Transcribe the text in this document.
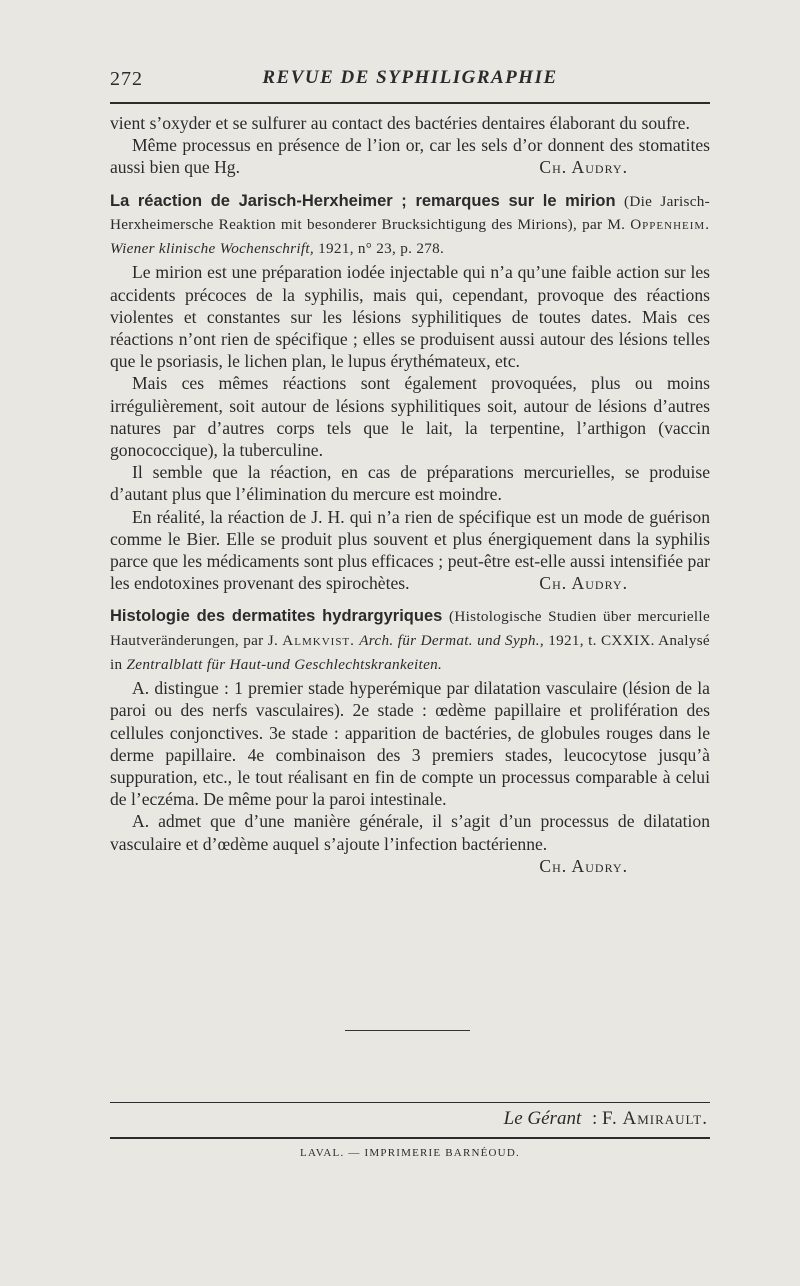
272	REVUE DE SYPHILIGRAPHIE

vient s’oxyder et se sulfurer au contact des bactéries dentaires élaborant du soufre.

Même processus en présence de l’ion or, car les sels d’or donnent des stomatites aussi bien que Hg.	Ch. Audry.

La réaction de Jarisch-Herxheimer ; remarques sur le mirion (Die Jarisch-Herxheimersche Reaktion mit besonderer Brucksichtigung des Mirions), par M. Oppenheim. Wiener klinische Wochenschrift, 1921, n° 23, p. 278.

Le mirion est une préparation iodée injectable qui n’a qu’une faible action sur les accidents précoces de la syphilis, mais qui, cependant, provoque des réactions violentes et constantes sur les lésions syphilitiques de toutes dates. Mais ces réactions n’ont rien de spécifique ; elles se produisent aussi autour des lésions telles que le psoriasis, le lichen plan, le lupus érythémateux, etc.

Mais ces mêmes réactions sont également provoquées, plus ou moins irrégulièrement, soit autour de lésions syphilitiques soit, autour de lésions d’autres natures par d’autres corps tels que le lait, la terpentine, l’arthigon (vaccin gonococcique), la tuberculine.

Il semble que la réaction, en cas de préparations mercurielles, se produise d’autant plus que l’élimination du mercure est moindre.

En réalité, la réaction de J. H. qui n’a rien de spécifique est un mode de guérison comme le Bier. Elle se produit plus souvent et plus énergiquement dans la syphilis parce que les médicaments sont plus efficaces ; peut-être est-elle aussi intensifiée par les endotoxines provenant des spirochètes.	Ch. Audry.

Histologie des dermatites hydrargyriques (Histologische Studien über mercurielle Hautveränderungen, par J. Almkvist. Arch. für Dermat. und Syph., 1921, t. CXXIX. Analysé in Zentralblatt für Haut-und Geschlechtskrankeiten.

A. distingue : 1 premier stade hyperémique par dilatation vasculaire (lésion de la paroi ou des nerfs vasculaires). 2e stade : œdème papillaire et prolifération des cellules conjonctives. 3e stade : apparition de bactéries, de globules rouges dans le derme papillaire. 4e combinaison des 3 premiers stades, leucocytose jusqu’à suppuration, etc., le tout réalisant en fin de compte un processus comparable à celui de l’eczéma. De même pour la paroi intestinale.

A. admet que d’une manière générale, il s’agit d’un processus de dilatation vasculaire et d’œdème auquel s’ajoute l’infection bactérienne.
Ch. Audry.

Le Gérant : F. Amirault.
LAVAL. — IMPRIMERIE BARNÉOUD.
